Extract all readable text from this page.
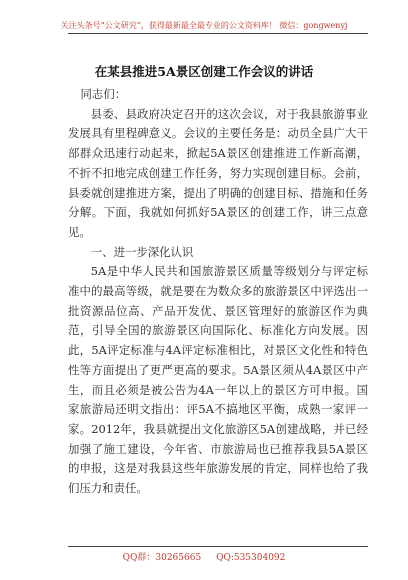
关注头条号“公文研究”，获得最新最全最专业的公文资料库！ 微信：gongwenyj
在某县推进5A景区创建工作会议的讲话

同志们：

县委、县政府决定召开的这次会议，对于我县旅游事业发展具有里程碑意义。会议的主要任务是：动员全县广大干部群众迅速行动起来，掀起5A景区创建推进工作新高潮，不折不扣地完成创建工作任务，努力实现创建目标。会前，县委就创建推进方案，提出了明确的创建目标、措施和任务分解。下面，我就如何抓好5A景区的创建工作，讲三点意见。

一、进一步深化认识

5A是中华人民共和国旅游景区质量等级划分与评定标准中的最高等级，就是要在为数众多的旅游景区中评选出一批资源品位高、产品开发优、景区管理好的旅游区作为典范，引导全国的旅游景区向国际化、标准化方向发展。因此，5A评定标准与4A评定标准相比，对景区文化性和特色性等方面提出了更严更高的要求。5A景区须从4A景区中产生，而且必须是被公告为4A一年以上的景区方可申报。国家旅游局还明文指出：评5A不搞地区平衡，成熟一家评一家。2012年，我县就提出文化旅游区5A创建战略，并已经加强了施工建设，今年省、市旅游局也已推荐我县5A景区的申报，这是对我县这些年旅游发展的肯定，同样也给了我们压力和责任。

QQ群：30265665 QQ:535304092
